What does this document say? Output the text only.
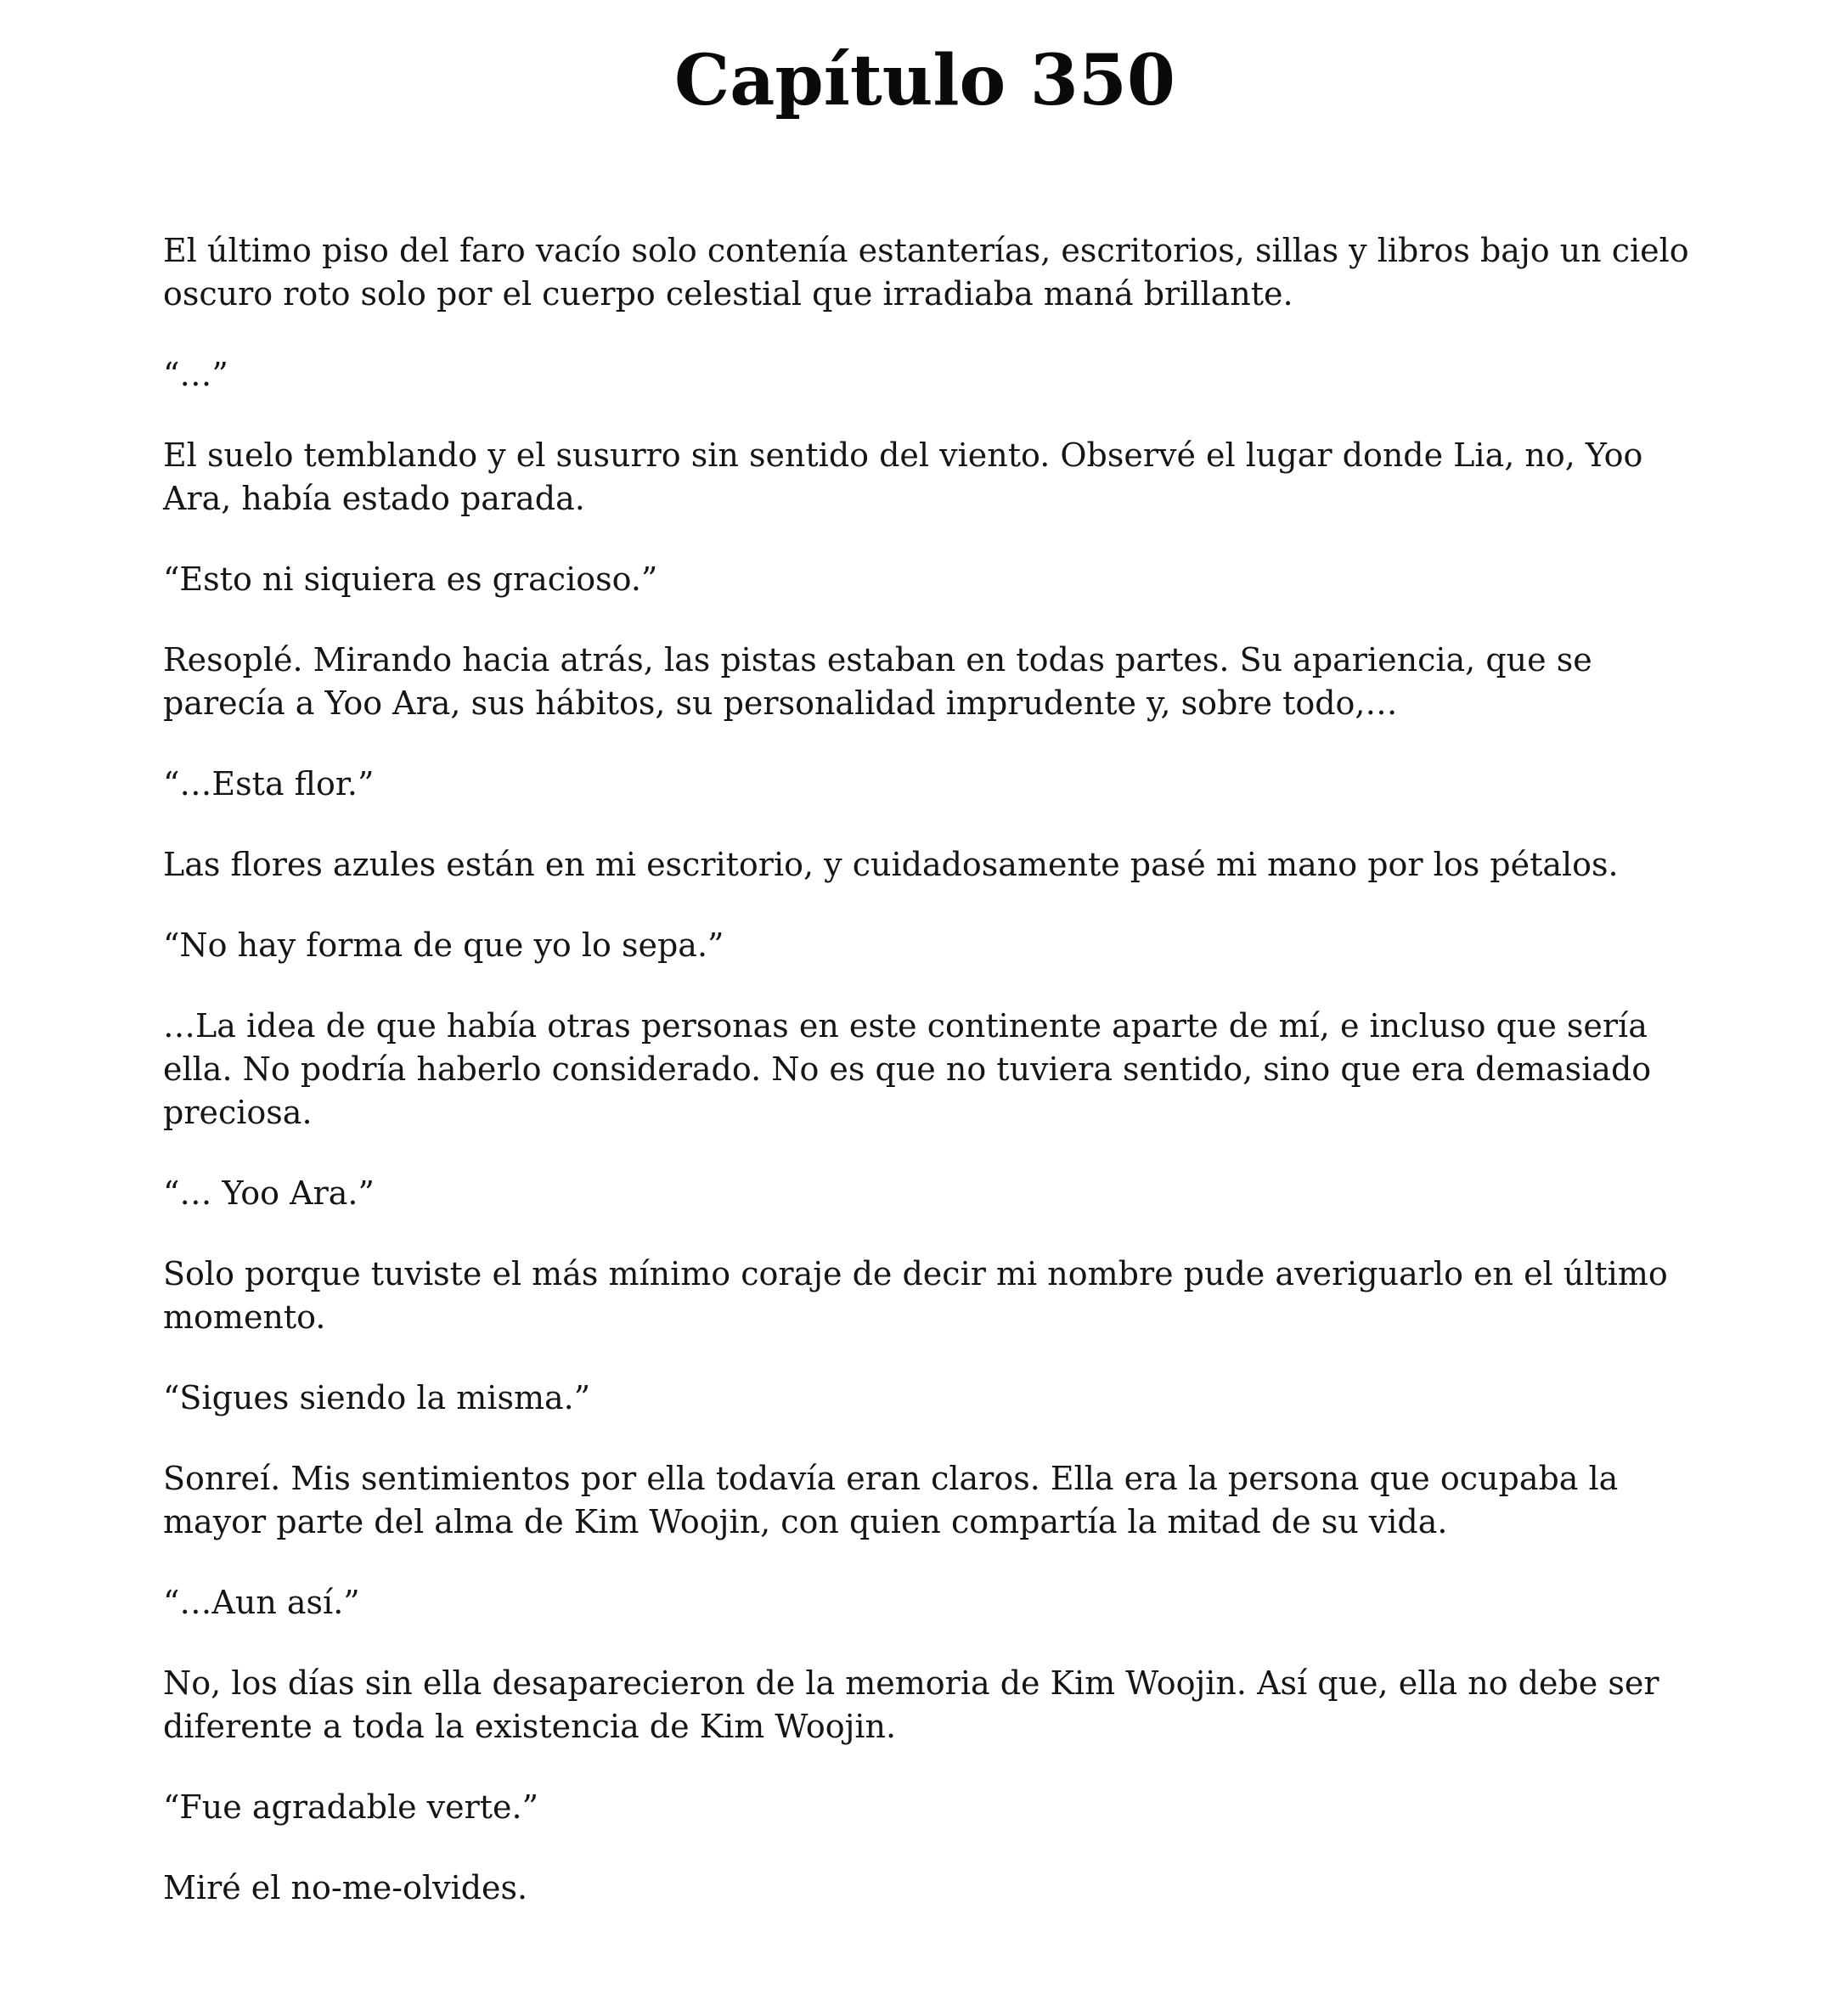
Capítulo 350

El último piso del faro vacío solo contenía estanterías, escritorios, sillas y libros bajo un cielo oscuro roto solo por el cuerpo celestial que irradiaba maná brillante.

“…”

El suelo temblando y el susurro sin sentido del viento. Observé el lugar donde Lia, no, Yoo Ara, había estado parada.

“Esto ni siquiera es gracioso.”

Resoplé. Mirando hacia atrás, las pistas estaban en todas partes. Su apariencia, que se parecía a Yoo Ara, sus hábitos, su personalidad imprudente y, sobre todo,…

“…Esta flor.”

Las flores azules están en mi escritorio, y cuidadosamente pasé mi mano por los pétalos.

“No hay forma de que yo lo sepa.”

…La idea de que había otras personas en este continente aparte de mí, e incluso que sería ella. No podría haberlo considerado. No es que no tuviera sentido, sino que era demasiado preciosa.

“… Yoo Ara.”

Solo porque tuviste el más mínimo coraje de decir mi nombre pude averiguarlo en el último momento.

“Sigues siendo la misma.”

Sonreí. Mis sentimientos por ella todavía eran claros. Ella era la persona que ocupaba la mayor parte del alma de Kim Woojin, con quien compartía la mitad de su vida.

“…Aun así.”

No, los días sin ella desaparecieron de la memoria de Kim Woojin. Así que, ella no debe ser diferente a toda la existencia de Kim Woojin.

“Fue agradable verte.”

Miré el no-me-olvides.
